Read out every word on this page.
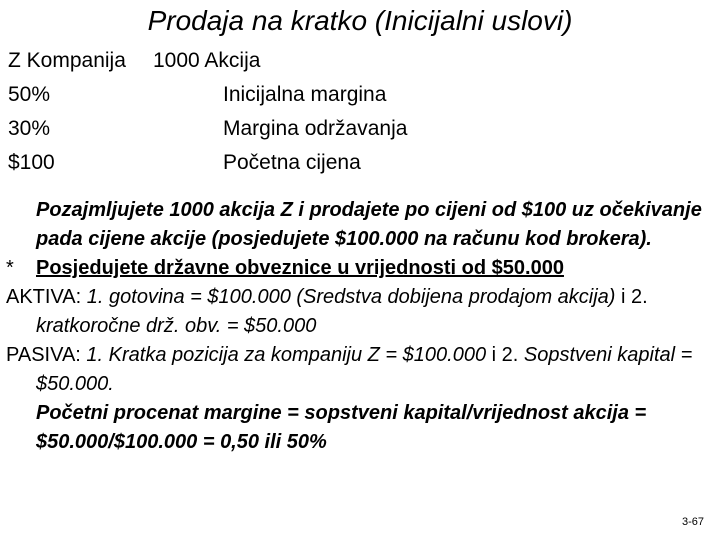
Prodaja na kratko (Inicijalni uslovi)
Z Kompanija 1000 Akcija
50%	Inicijalna margina
30%	Margina održavanja
$100	Početna cijena
Pozajmljujete 1000 akcija Z i prodajete po cijeni od $100 uz očekivanje pada cijene akcije (posjedujete $100.000 na računu kod brokera).
* Posjedujete državne obveznice u vrijednosti od $50.000
AKTIVA: 1. gotovina = $100.000 (Sredstva dobijena prodajom akcija) i 2. kratkoročne drž. obv. = $50.000
PASIVA: 1. Kratka pozicija za kompaniju Z = $100.000 i 2. Sopstveni kapital = $50.000.
Početni procenat margine = sopstveni kapital/vrijednost akcija = $50.000/$100.000 = 0,50 ili 50%
3-67
